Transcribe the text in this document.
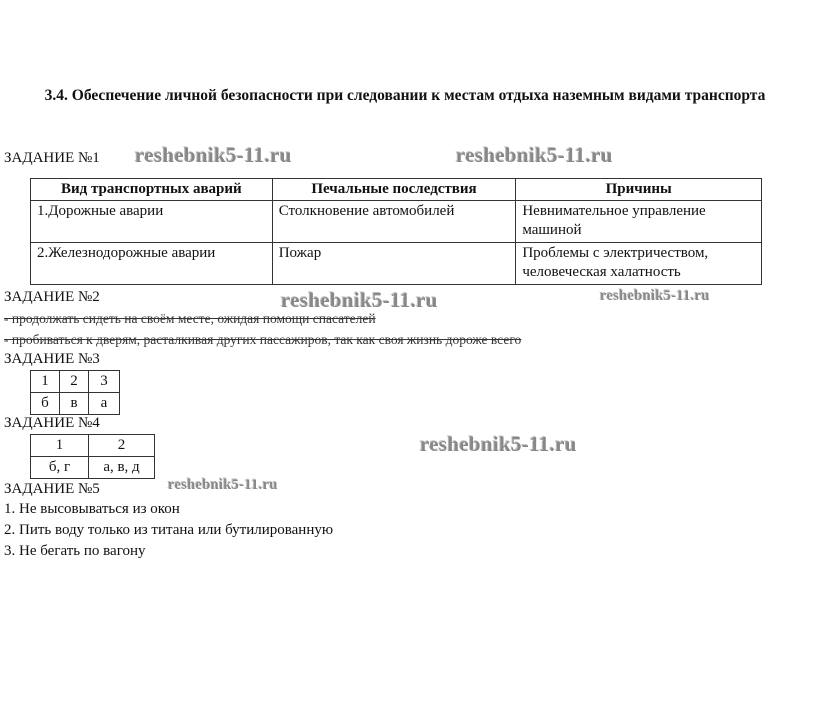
3.4. Обеспечение личной безопасности при следовании к местам отдыха наземным видами транспорта
ЗАДАНИЕ №1 reshebnik5-11.ru	reshebnik5-11.ru
Вид транспортных аварий	Печальные последствия	Причины
1.Дорожные аварии	Столкновение автомобилей	Невнимательное управление машиной
2.Железнодорожные аварии	Пожар	Проблемы с электричеством, человеческая халатность
ЗАДАНИЕ №2	reshebnik5-11.ru	reshebnik5-11.ru
- продолжать сидеть на своём месте, ожидая помощи спасателей
- пробиваться к дверям, расталкивая других пассажиров, так как своя жизнь дороже всего
ЗАДАНИЕ №3
1	2	3
б	в	а
ЗАДАНИЕ №4
reshebnik5-11.ru
1	2
б, г	а, в, д
ЗАДАНИЕ №5	reshebnik5-11.ru
1. Не высовываться из окон
2. Пить воду только из титана или бутилированную
3. Не бегать по вагону
